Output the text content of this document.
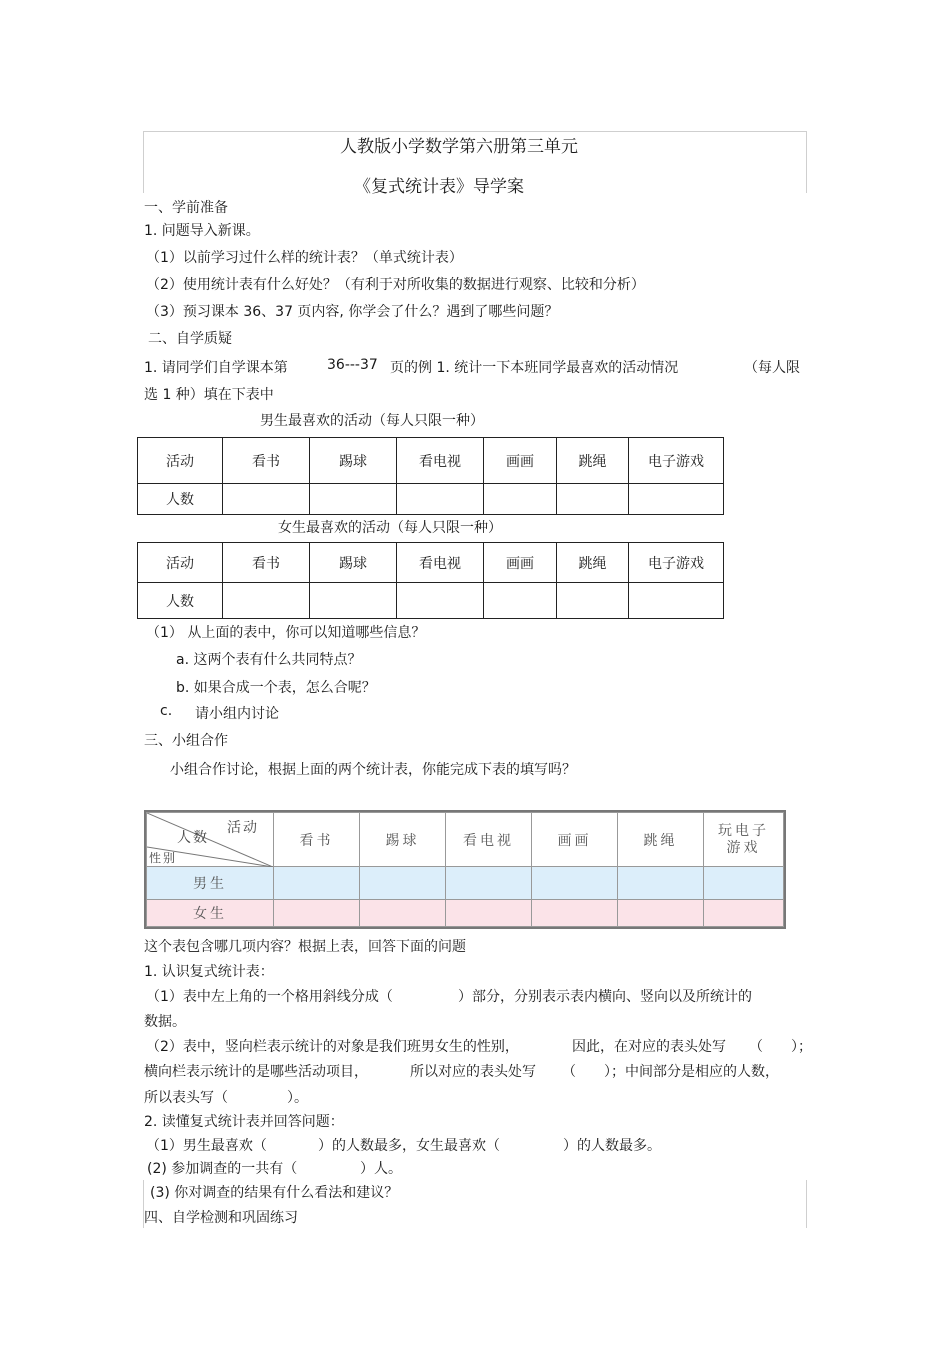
人教版小学数学第六册第三单元
《复式统计表》导学案
一、学前准备
1. 问题导入新课。
（1）以前学习过什么样的统计表？（单式统计表）
（2）使用统计表有什么好处？（有利于对所收集的数据进行观察、比较和分析）
（3）预习课本 36、37 页内容, 你学会了什么？遇到了哪些问题？
二、自学质疑
1. 请同学们自学课本第	36---37 页的例 1. 统计一下本班同学最喜欢的活动情况	（每人限
选 1 种）填在下表中
男生最喜欢的活动（每人只限一种）
活动	看书	踢球	看电视	画画	跳绳	电子游戏
人数						
女生最喜欢的活动（每人只限一种）
活动	看书	踢球	看电视	画画	跳绳	电子游戏
人数						
（1） 从上面的表中，你可以知道哪些信息？
a. 这两个表有什么共同特点？
b. 如果合成一个表，怎么合呢？
c. 请小组内讨论
三、小组合作
小组合作讨论，根据上面的两个统计表，你能完成下表的填写吗？
活动
人数
性别	看书	踢球	看电视	画画	跳绳	玩电子游戏
男生						
女生						
这个表包含哪几项内容？根据上表，回答下面的问题
1. 认识复式统计表：
（1）表中左上角的一个格用斜线分成（	）部分，分别表示表内横向、竖向以及所统计的
数据。
（2）表中，竖向栏表示统计的对象是我们班男女生的性别，	因此，在对应的表头处写 （　　）；
横向栏表示统计的是哪些活动项目，	所以对应的表头处写 （　　）；中间部分是相应的人数，
所以表头写（	）。
2. 读懂复式统计表并回答问题：
（1）男生最喜欢（	）的人数最多，女生最喜欢（	）的人数最多。
(2) 参加调查的一共有（	）人。
(3) 你对调查的结果有什么看法和建议？
四、自学检测和巩固练习
